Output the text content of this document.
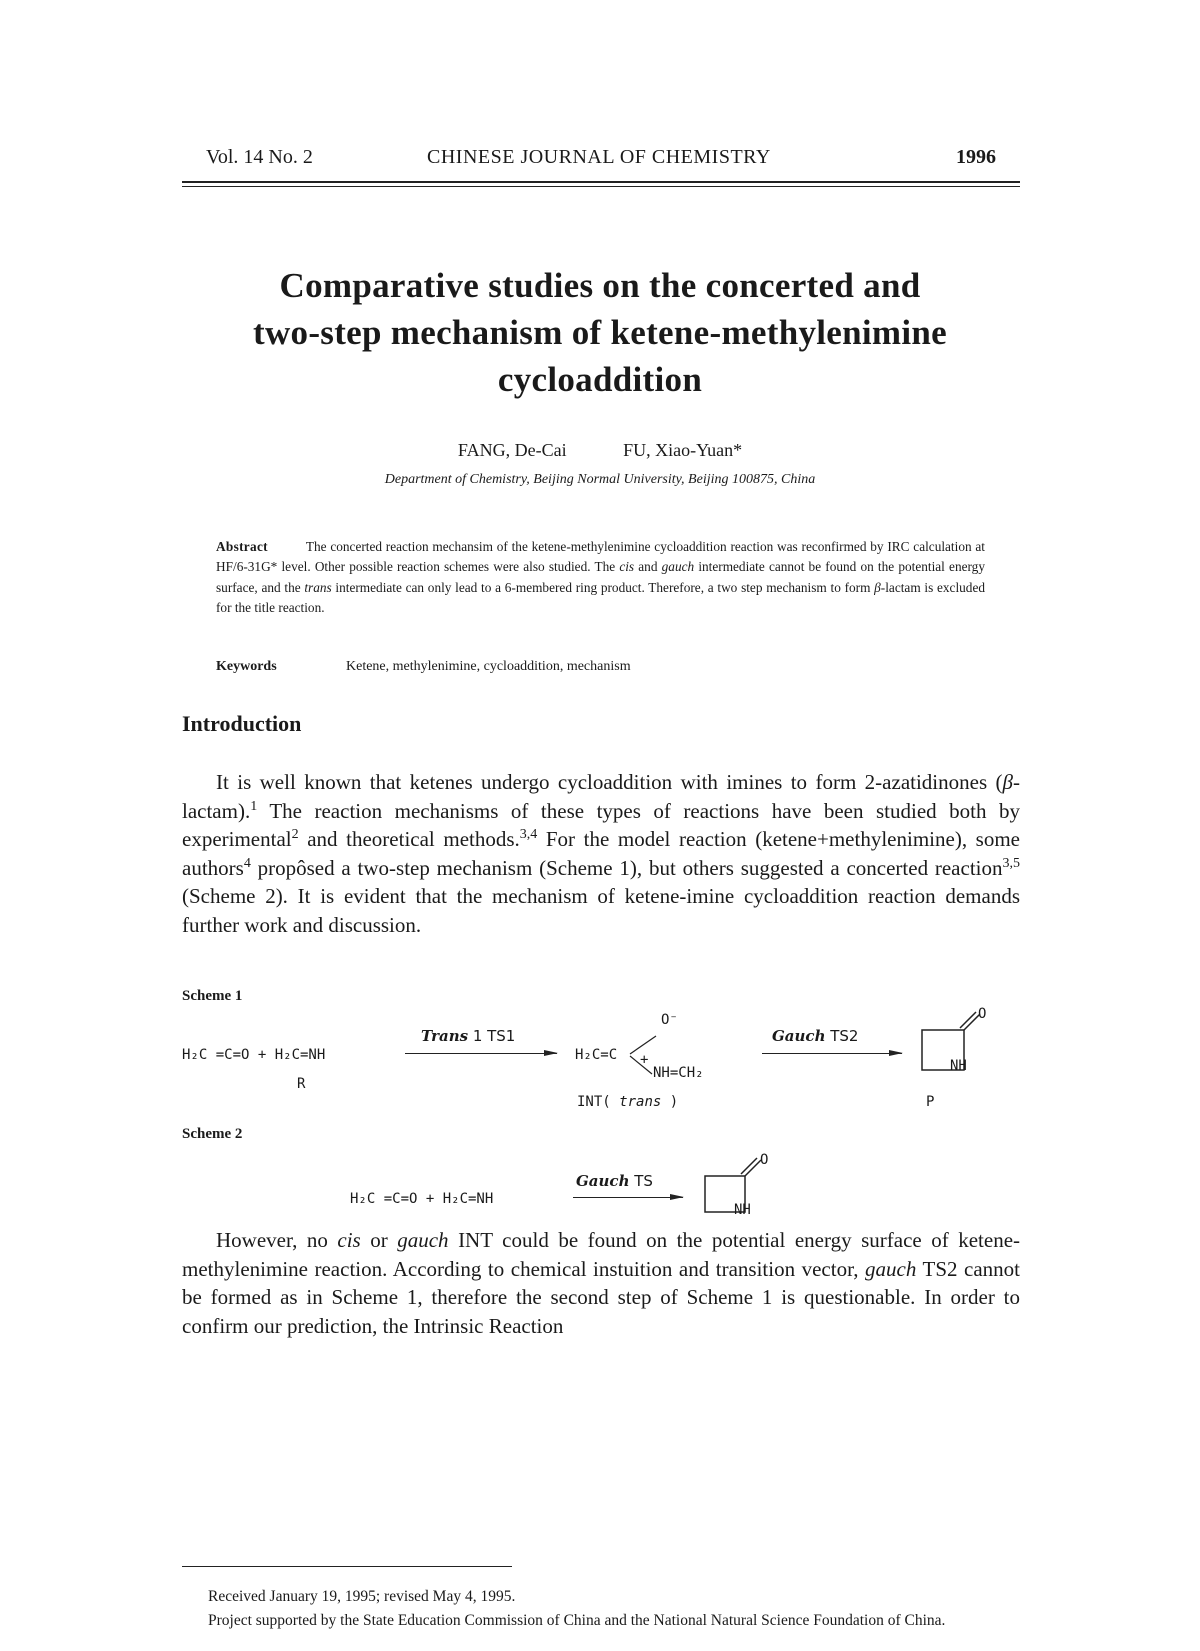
Vol. 14 No. 2	CHINESE JOURNAL OF CHEMISTRY	1996
Comparative studies on the concerted and
two-step mechanism of ketene-methylenimine
cycloaddition
FANG, De-Cai	FU, Xiao-Yuan*
Department of Chemistry, Beijing Normal University, Beijing 100875, China
Abstract	The concerted reaction mechansim of the ketene-methylenimine cycloaddition reaction was reconfirmed by IRC calculation at HF/6-31G* level. Other possible reaction schemes were also studied. The cis and gauch intermediate cannot be found on the potential energy surface, and the trans intermediate can only lead to a 6-membered ring product. Therefore, a two step mechanism to form β-lactam is excluded for the title reaction.
Keywords	Ketene, methylenimine, cycloaddition, mechanism
Introduction
It is well known that ketenes undergo cycloaddition with imines to form 2-azatidinones (β-lactam).$^1$ The reaction mechanisms of these types of reactions have been studied both by experimental$^2$ and theoretical methods.$^{3,4}$ For the model reaction (ketene+methylenimine), some authors$^4$ propôsed a two-step mechanism (Scheme 1), but others suggested a concerted reaction$^{3,5}$ (Scheme 2). It is evident that the mechanism of ketene-imine cycloaddition reaction demands further work and discussion.
Scheme 1
H₂C =C=O + H₂C=NH
R
Trans 1 TS1
H₂C=C
O⁻
+
NH=CH₂
INT( trans )
Gauch TS2
O
NH
P
Scheme 2
H₂C =C=O + H₂C=NH
Gauch TS
O
NH
However, no cis or gauch INT could be found on the potential energy surface of ketene-methylenimine reaction. According to chemical instuition and transition vector, gauch TS2 cannot be formed as in Scheme 1, therefore the second step of Scheme 1 is questionable. In order to confirm our prediction, the Intrinsic Reaction
Received January 19, 1995; revised May 4, 1995.
Project supported by the State Education Commission of China and the National Natural Science Foundation of China.
